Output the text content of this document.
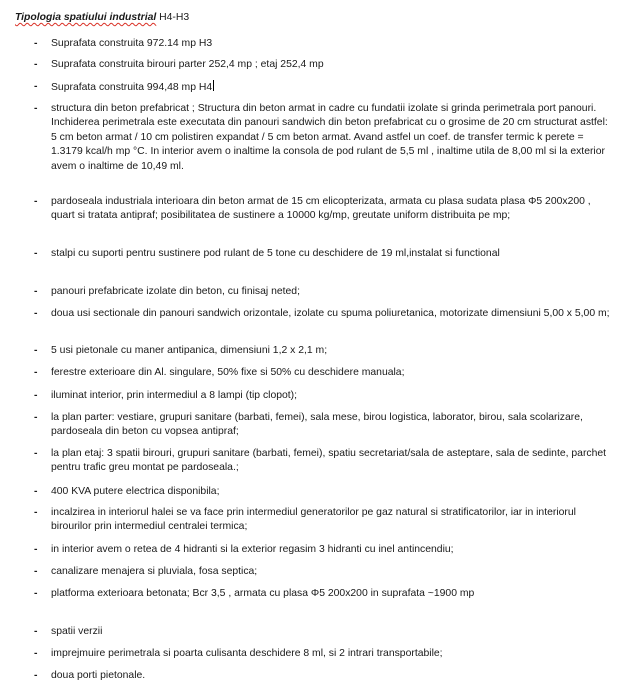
Tipologia spatiului industrial H4-H3
- Suprafata construita 972.14 mp H3
- Suprafata construita birouri parter 252,4 mp ; etaj 252,4 mp
- Suprafata construita 994,48 mp H4
- structura din beton prefabricat ; Structura din beton armat in cadre cu fundatii izolate si grinda perimetrala port panouri. Inchiderea perimetrala este executata din panouri sandwich din beton prefabricat cu o grosime de 20 cm structurat astfel: 5 cm beton armat / 10 cm polistiren expandat / 5 cm beton armat. Avand astfel un coef. de transfer termic k perete = 1.3179 kcal/h mp °C. In interior avem o inaltime la consola de pod rulant de 5,5 ml , inaltime utila de 8,00 ml si la exterior avem o inaltime de 10,49 ml.
- pardoseala industriala interioara din beton armat de 15 cm elicopterizata, armata cu plasa sudata plasa Φ5 200x200 , quart si tratata antipraf; posibilitatea de sustinere a 10000 kg/mp, greutate uniform distribuita pe mp;
- stalpi cu suporti pentru sustinere pod rulant de 5 tone cu deschidere de 19 ml,instalat si functional
- panouri prefabricate izolate din beton, cu finisaj neted;
- doua usi sectionale din panouri sandwich orizontale, izolate cu spuma poliuretanica, motorizate dimensiuni 5,00 x 5,00 m;
- 5 usi pietonale cu maner antipanica, dimensiuni 1,2 x 2,1 m;
- ferestre exterioare din Al. singulare, 50% fixe si 50% cu deschidere manuala;
- iluminat interior, prin intermediul a 8 lampi (tip clopot);
- la plan parter: vestiare, grupuri sanitare (barbati, femei), sala mese, birou logistica, laborator, birou, sala scolarizare, pardoseala din beton cu vopsea antipraf;
- la plan etaj: 3 spatii birouri, grupuri sanitare (barbati, femei), spatiu secretariat/sala de asteptare, sala de sedinte, parchet pentru trafic greu montat pe pardoseala.;
- 400 KVA putere electrica disponibila;
- incalzirea in interiorul halei se va face prin intermediul generatorilor pe gaz natural si stratificatorilor, iar in interiorul birourilor prin intermediul centralei termica;
- in interior avem o retea de 4 hidranti si la exterior regasim 3 hidranti cu inel antincendiu;
- canalizare menajera si pluviala, fosa septica;
- platforma exterioara betonata; Bcr 3,5 , armata cu plasa Φ5 200x200 in suprafata ~1900 mp
- spatii verzii
- imprejmuire perimetrala si poarta culisanta deschidere 8 ml, si 2 intrari transportabile;
- doua porti pietonale.
